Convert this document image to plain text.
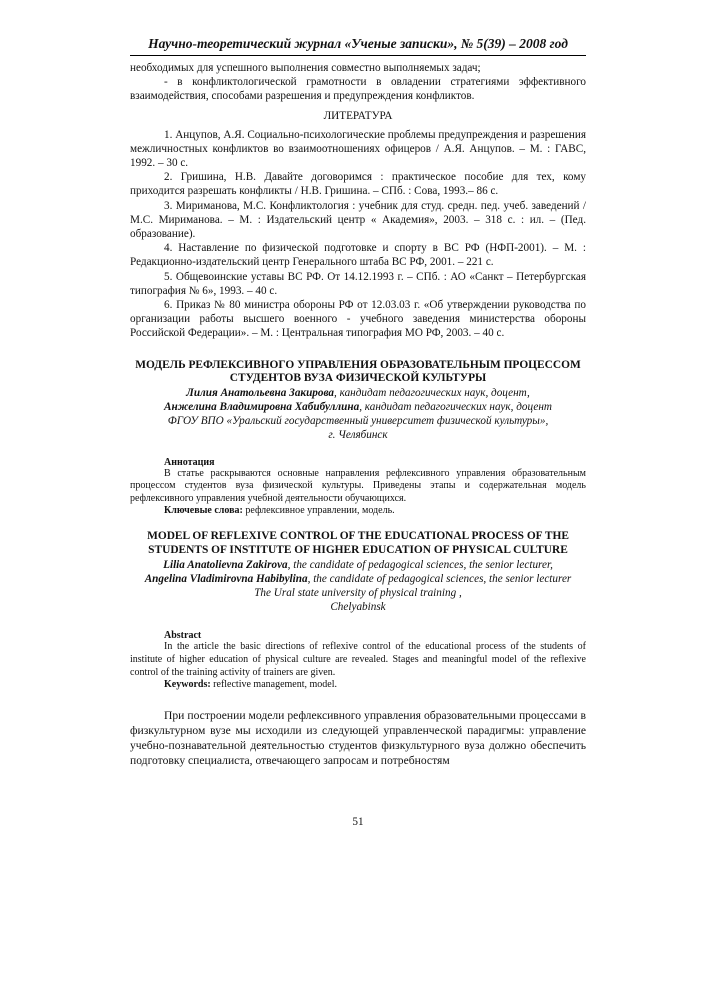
Научно-теоретический журнал «Ученые записки», № 5(39) – 2008 год

необходимых для успешного выполнения совместно выполняемых задач;

- в конфликтологической грамотности в овладении стратегиями эффективного взаимодействия, способами разрешения и предупреждения конфликтов.

ЛИТЕРАТУРА

1. Анцупов, А.Я. Социально-психологические проблемы предупреждения и разрешения межличностных конфликтов во взаимоотношениях офицеров / А.Я. Анцупов. – М. : ГАВС, 1992. – 30 с.

2. Гришина, Н.В. Давайте договоримся : практическое пособие для тех, кому приходится разрешать конфликты / Н.В. Гришина. – СПб. : Сова, 1993.– 86 с.

3. Мириманова, М.С. Конфликтология : учебник для студ. средн. пед. учеб. заведений / М.С. Мириманова. – М. : Издательский центр « Академия», 2003. – 318 с. : ил. – (Пед. образование).

4. Наставление по физической подготовке и спорту в ВС РФ (НФП-2001). – М. : Редакционно-издательский центр Генерального штаба ВС РФ, 2001. – 221 с.

5. Общевоинские уставы ВС РФ. От 14.12.1993 г. – СПб. : АО «Санкт – Петербургская типография № 6», 1993. – 40 с.

6. Приказ № 80 министра обороны РФ от 12.03.03 г. «Об утверждении руководства по организации работы высшего военного - учебного заведения министерства обороны Российской Федерации». – М. : Центральная типография МО РФ, 2003. – 40 с.

МОДЕЛЬ РЕФЛЕКСИВНОГО УПРАВЛЕНИЯ ОБРАЗОВАТЕЛЬНЫМ ПРОЦЕССОМ СТУДЕНТОВ ВУЗА ФИЗИЧЕСКОЙ КУЛЬТУРЫ
Лилия Анатольевна Закирова, кандидат педагогических наук, доцент,
Анжелина Владимировна Хабибуллина, кандидат педагогических наук, доцент
ФГОУ ВПО «Уральский государственный университет физической культуры»,
г. Челябинск
Аннотация

В статье раскрываются основные направления рефлексивного управления образовательным процессом студентов вуза физической культуры. Приведены этапы и содержательная модель рефлексивного управления учебной деятельности обучающихся.

Ключевые слова: рефлексивное управлении, модель.
MODEL OF REFLEXIVE CONTROL OF THE EDUCATIONAL PROCESS OF THE STUDENTS OF INSTITUTE OF HIGHER EDUCATION OF PHYSICAL CULTURE
Lilia Anatolievna Zakirova, the candidate of pedagogical sciences, the senior lecturer,
Angelina Vladimirovna Habibylina, the candidate of pedagogical sciences, the senior lecturer
The Ural state university of physical training ,
Chelyabinsk
Abstract

In the article the basic directions of reflexive control of the educational process of the students of institute of higher education of physical culture are revealed. Stages and meaningful model of the reflexive control of the training activity of trainers are given.

Keywords: reflective management, model.

При построении модели рефлексивного управления образовательными процессами в физкультурном вузе мы исходили из следующей управленческой парадигмы: управление учебно-познавательной деятельностью студентов физкультурного вуза должно обеспечить подготовку специалиста, отвечающего запросам и потребностям

51
